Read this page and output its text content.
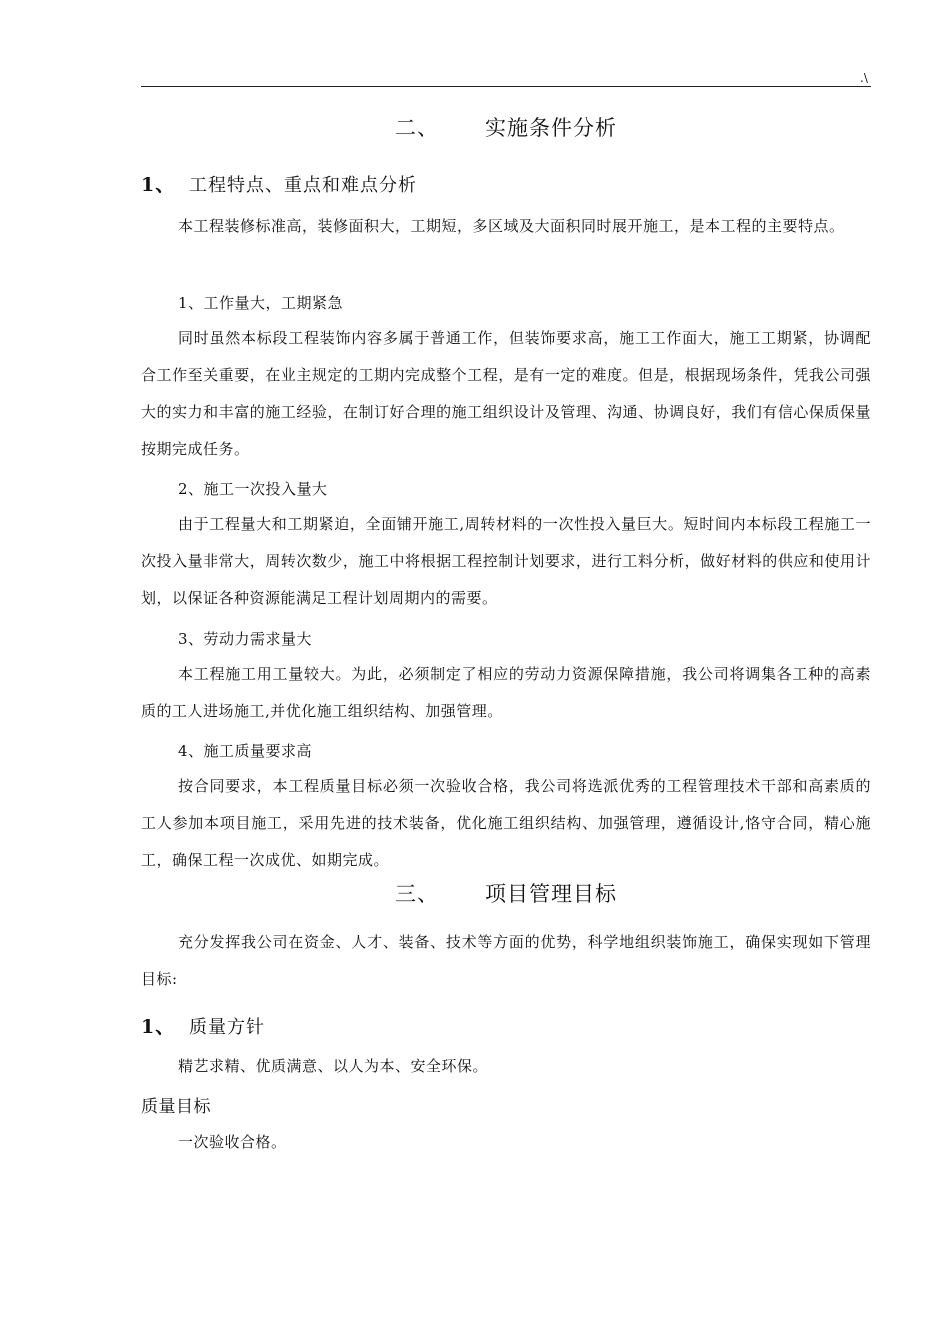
.\
二、 实施条件分析
1、 工程特点、重点和难点分析
本工程装修标准高，装修面积大，工期短，多区域及大面积同时展开施工，是本工程的主要特点。
1、工作量大，工期紧急
同时虽然本标段工程装饰内容多属于普通工作，但装饰要求高，施工工作面大，施工工期紧，协调配合工作至关重要，在业主规定的工期内完成整个工程，是有一定的难度。但是，根据现场条件，凭我公司强大的实力和丰富的施工经验，在制订好合理的施工组织设计及管理、沟通、协调良好，我们有信心保质保量按期完成任务。
2、施工一次投入量大
由于工程量大和工期紧迫，全面铺开施工,周转材料的一次性投入量巨大。短时间内本标段工程施工一次投入量非常大，周转次数少，施工中将根据工程控制计划要求，进行工料分析，做好材料的供应和使用计划，以保证各种资源能满足工程计划周期内的需要。
3、劳动力需求量大
本工程施工用工量较大。为此，必须制定了相应的劳动力资源保障措施，我公司将调集各工种的高素质的工人进场施工,并优化施工组织结构、加强管理。
4、施工质量要求高
按合同要求，本工程质量目标必须一次验收合格，我公司将选派优秀的工程管理技术干部和高素质的工人参加本项目施工，采用先进的技术装备，优化施工组织结构、加强管理，遵循设计,恪守合同，精心施工，确保工程一次成优、如期完成。
三、 项目管理目标
充分发挥我公司在资金、人才、装备、技术等方面的优势，科学地组织装饰施工，确保实现如下管理目标:
1、 质量方针
精艺求精、优质满意、以人为本、安全环保。
质量目标
一次验收合格。
